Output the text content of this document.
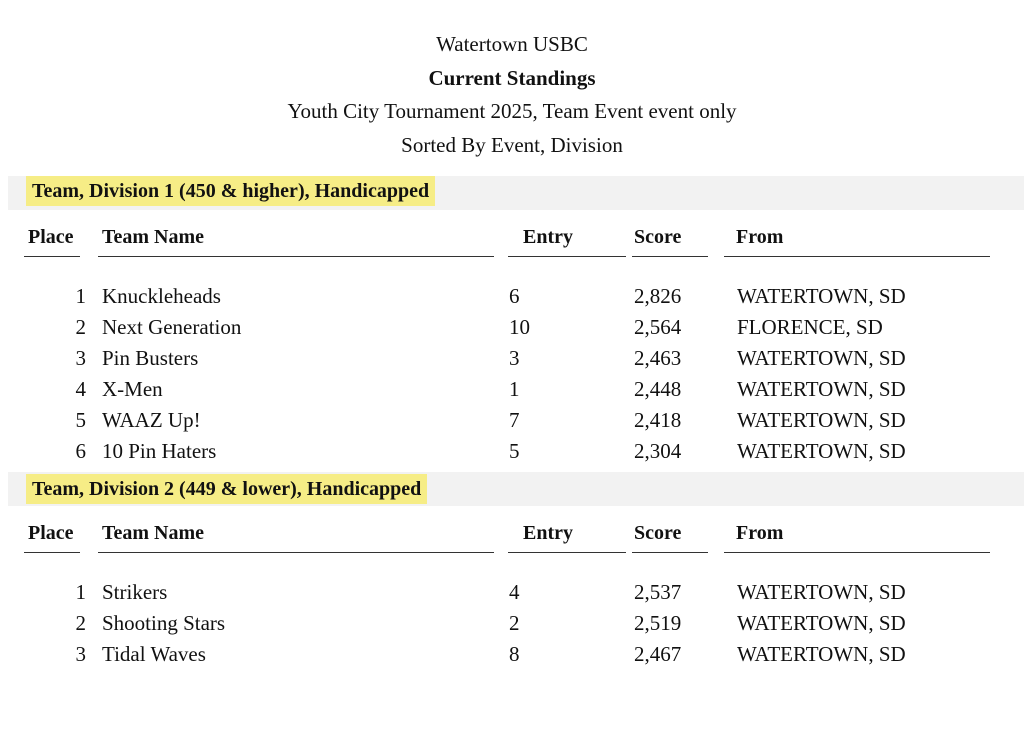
Watertown USBC
Current Standings
Youth City Tournament 2025, Team Event event only
Sorted By Event, Division
Team, Division 1 (450 & higher), Handicapped
Place Team Name	Entry	Score	From
1 Knuckleheads	6	2,826	WATERTOWN, SD
2 Next Generation	10	2,564	FLORENCE, SD
3 Pin Busters	3	2,463	WATERTOWN, SD
4 X-Men	1	2,448	WATERTOWN, SD
5 WAAZ Up!	7	2,418	WATERTOWN, SD
6 10 Pin Haters	5	2,304	WATERTOWN, SD
Team, Division 2 (449 & lower), Handicapped
Place Team Name	Entry	Score	From
1 Strikers	4	2,537	WATERTOWN, SD
2 Shooting Stars	2	2,519	WATERTOWN, SD
3 Tidal Waves	8	2,467	WATERTOWN, SD
